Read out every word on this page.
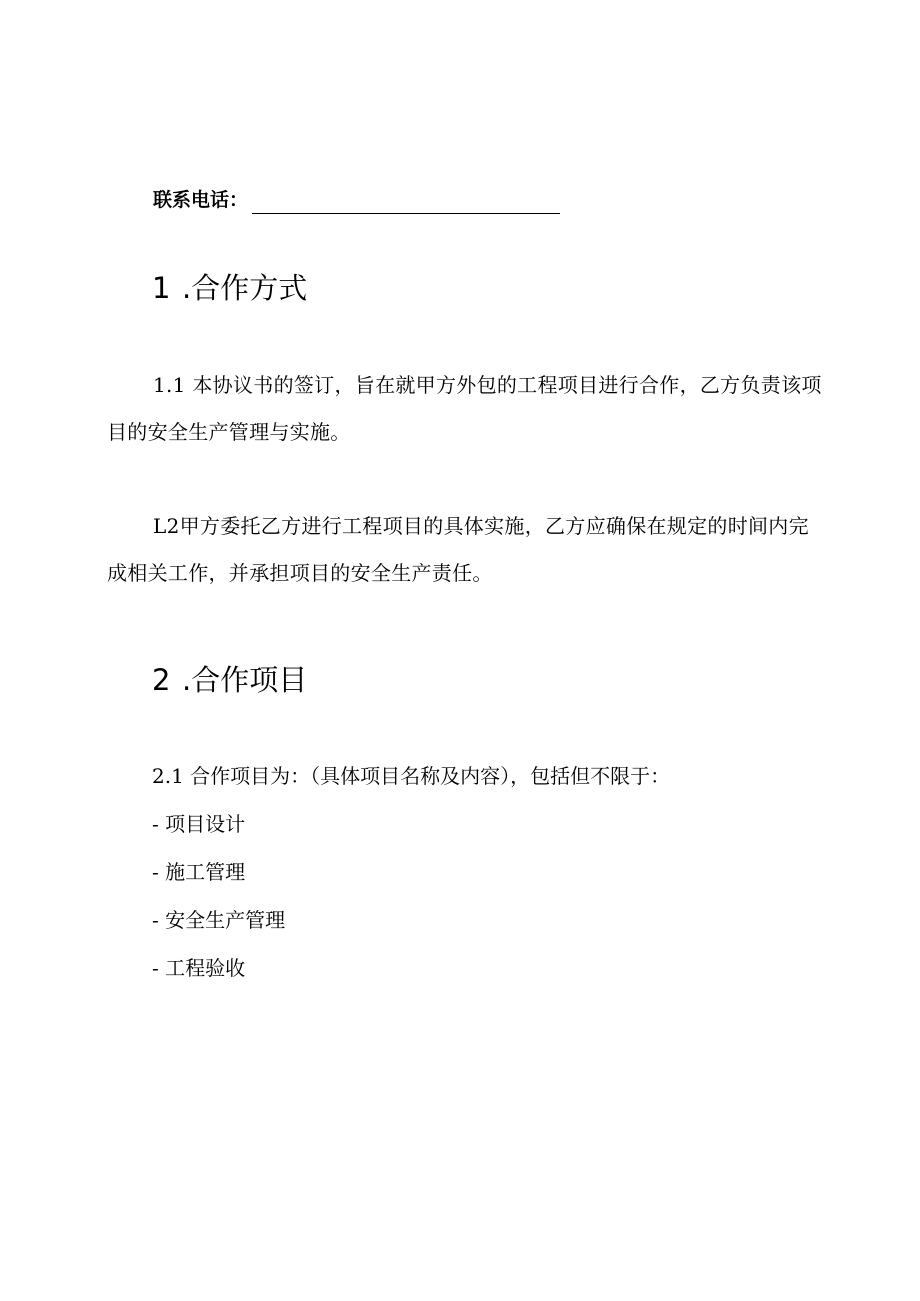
联系电话：
1 .合作方式
1.1 本协议书的签订，旨在就甲方外包的工程项目进行合作，乙方负责该项目的安全生产管理与实施。
L2甲方委托乙方进行工程项目的具体实施，乙方应确保在规定的时间内完成相关工作，并承担项目的安全生产责任。
2 .合作项目
2.1 合作项目为：（具体项目名称及内容），包括但不限于：
- 项目设计
- 施工管理
- 安全生产管理
- 工程验收
